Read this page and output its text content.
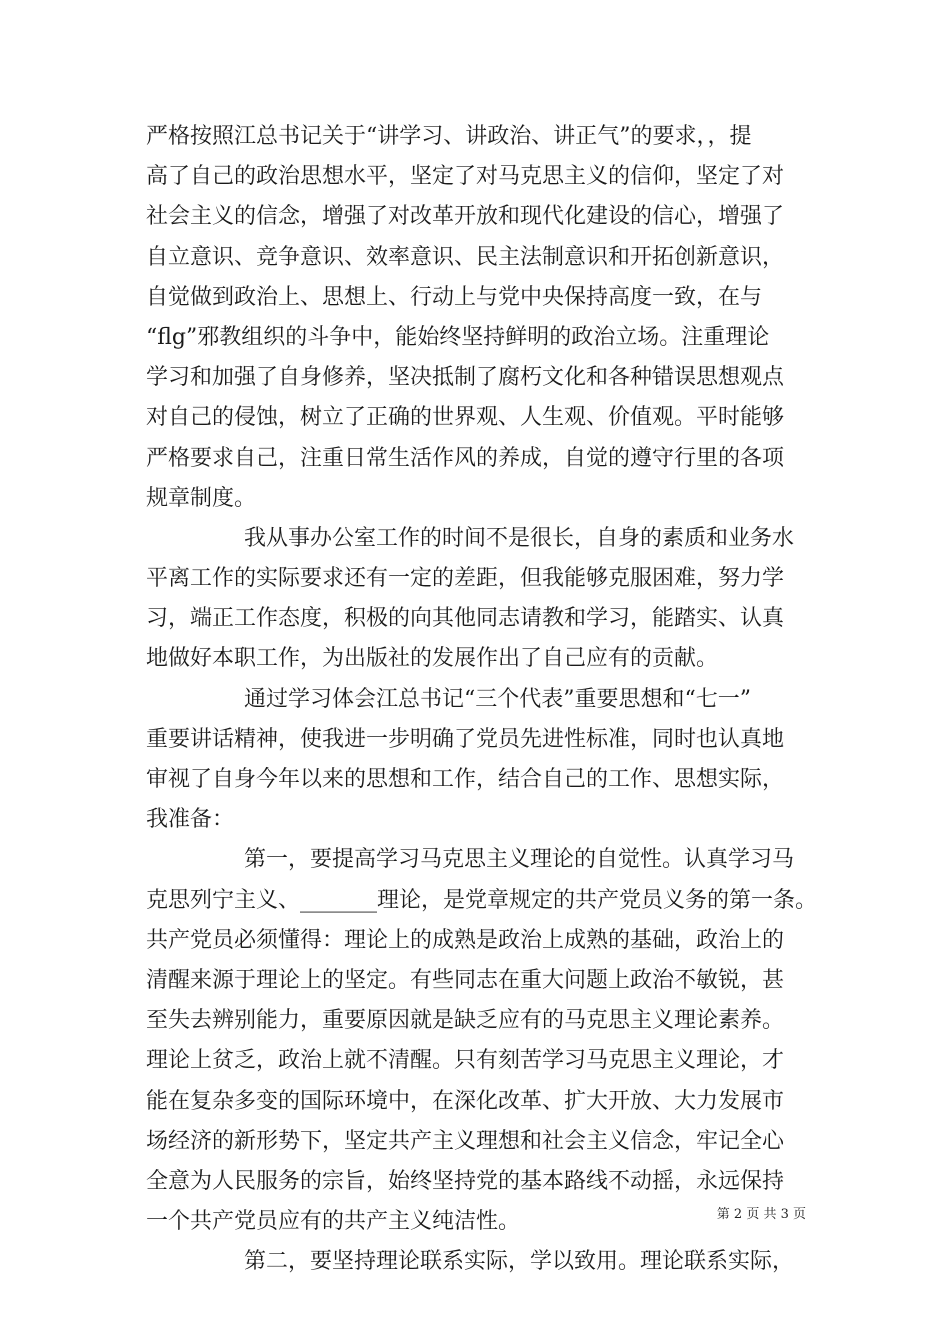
严格按照江总书记关于“讲学习、讲政治、讲正气”的要求，，提
高了自己的政治思想水平，坚定了对马克思主义的信仰，坚定了对
社会主义的信念，增强了对改革开放和现代化建设的信心，增强了
自立意识、竞争意识、效率意识、民主法制意识和开拓创新意识，
自觉做到政治上、思想上、行动上与党中央保持高度一致，在与
“flg”邪教组织的斗争中，能始终坚持鲜明的政治立场。注重理论
学习和加强了自身修养，坚决抵制了腐朽文化和各种错误思想观点
对自己的侵蚀，树立了正确的世界观、人生观、价值观。平时能够
严格要求自己，注重日常生活作风的养成，自觉的遵守行里的各项
规章制度。
我从事办公室工作的时间不是很长，自身的素质和业务水
平离工作的实际要求还有一定的差距，但我能够克服困难，努力学
习，端正工作态度，积极的向其他同志请教和学习，能踏实、认真
地做好本职工作，为出版社的发展作出了自己应有的贡献。
通过学习体会江总书记“三个代表”重要思想和“七一”
重要讲话精神，使我进一步明确了党员先进性标准，同时也认真地
审视了自身今年以来的思想和工作，结合自己的工作、思想实际，
我准备：
第一，要提高学习马克思主义理论的自觉性。认真学习马
克思列宁主义、_______理论，是党章规定的共产党员义务的第一条。
共产党员必须懂得：理论上的成熟是政治上成熟的基础，政治上的
清醒来源于理论上的坚定。有些同志在重大问题上政治不敏锐，甚
至失去辨别能力，重要原因就是缺乏应有的马克思主义理论素养。
理论上贫乏，政治上就不清醒。只有刻苦学习马克思主义理论，才
能在复杂多变的国际环境中，在深化改革、扩大开放、大力发展市
场经济的新形势下，坚定共产主义理想和社会主义信念，牢记全心
全意为人民服务的宗旨，始终坚持党的基本路线不动摇，永远保持
一个共产党员应有的共产主义纯洁性。
第二，要坚持理论联系实际，学以致用。理论联系实际，
第 2 页 共 3 页
